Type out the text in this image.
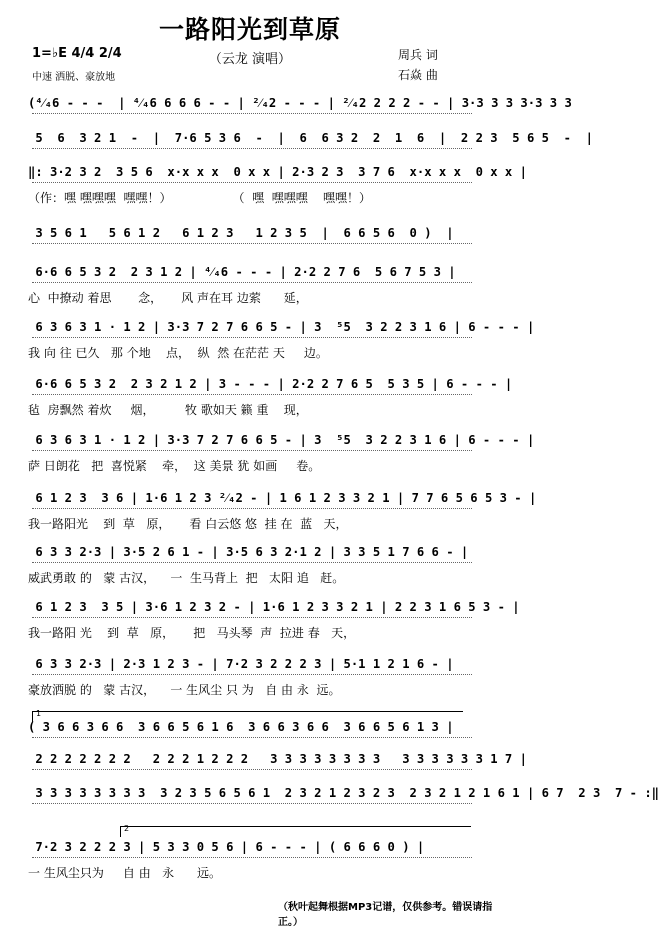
一路阳光到草原
（云龙 演唱）
1=♭E 4/4 2/4
中速 洒脱、豪放地
周兵 词
石焱 曲
(⁴⁄₄6 - - -  | ⁴⁄₄6 6 6 6 - - | ²⁄₄2 - - - | ²⁄₄2 2 2 2 - - | 3·3 3 3 3·3 3 3
5  6  3 2 1  -  |  7·6 5 3 6  -  |  6  6 3 2  2  1  6  |  2 2 3  5 6 5  -  |
‖: 3·2 3 2  3 5 6  x·x x x  0 x x | 2·3 2 3  3 7 6  x·x x x  0 x x |
（作：嘿 嘿嘿嘿  嘿嘿！）                （  嘿  嘿嘿嘿    嘿嘿！）
3 5 6 1   5 6 1 2   6 1 2 3   1 2 3 5  |  6 6 5 6  0 )  |
6·6 6 5 3 2  2 3 1 2 | ⁴⁄₄6 - - - | 2·2 2 7 6  5 6 7 5 3 |
心  中撩动 着思       念，     风 声在耳 边萦      延，
6 3 6 3 1 · 1 2 | 3·3 7 2 7 6 6 5 - | 3  ⁵5  3 2 2 3 1 6 | 6 - - - |
我 向 往 已久   那 个地    点，  纵  然 在茫茫 天     边。
6·6 6 5 3 2  2 3 2 1 2 | 3 - - - | 2·2 2 7 6 5  5 3 5 | 6 - - - |
毡  房飘然 着炊     烟，        牧 歌如天 籁 重    现，
6 3 6 3 1 · 1 2 | 3·3 7 2 7 6 6 5 - | 3  ⁵5  3 2 2 3 1 6 | 6 - - - |
萨 日朗花   把  喜悦紧    牵，  这 美景 犹 如画     卷。
6 1 2 3  3 6 | 1·6 1 2 3 ²⁄₄2 - | 1 6 1 2 3 3 2 1 | 7 7 6 5 6 5 3 - |
我一路阳光    到  草   原，     看 白云悠 悠  挂 在  蓝   天，
6 3 3 2·3 | 3·5 2 6 1 - | 3·5 6 3 2·1 2 | 3 3 5 1 7 6 6 - |
威武勇敢 的   蒙 古汉，    一  生马背上  把   太阳 追   赶。
6 1 2 3  3 5 | 3·6 1 2 3 2 - | 1·6 1 2 3 3 2 1 | 2 2 3 1 6 5 3 - |
我一路阳 光    到  草   原，     把   马头琴  声  拉进 春   天，
6 3 3 2·3 | 2·3 1 2 3 - | 7·2 3 2 2 2 3 | 5·1 1 2 1 6 - |
豪放洒脱 的   蒙 古汉，    一 生风尘 只 为   自 由 永  远。
( 3 6 6 3 6 6  3 6 6 5 6 1 6  3 6 6 3 6 6  3 6 6 5 6 1 3 |
2 2 2 2 2 2 2   2 2 2 1 2 2 2   3 3 3 3 3 3 3 3   3 3 3 3 3 3 1 7 |
3 3 3 3 3 3 3 3  3 2 3 5 6 5 6 1  2 3 2 1 2 3 2 3  2 3 2 1 2 1 6 1 | 6 7  2 3  7 - :‖
7·2 3 2 2 2 3 | 5 3 3 0 5 6 | 6 - - - | ( 6 6 6 0 ) |
一 生风尘只为     自 由   永      远。
1
2
（秋叶起舞根据MP3记谱，仅供参考。错误请指正。）
